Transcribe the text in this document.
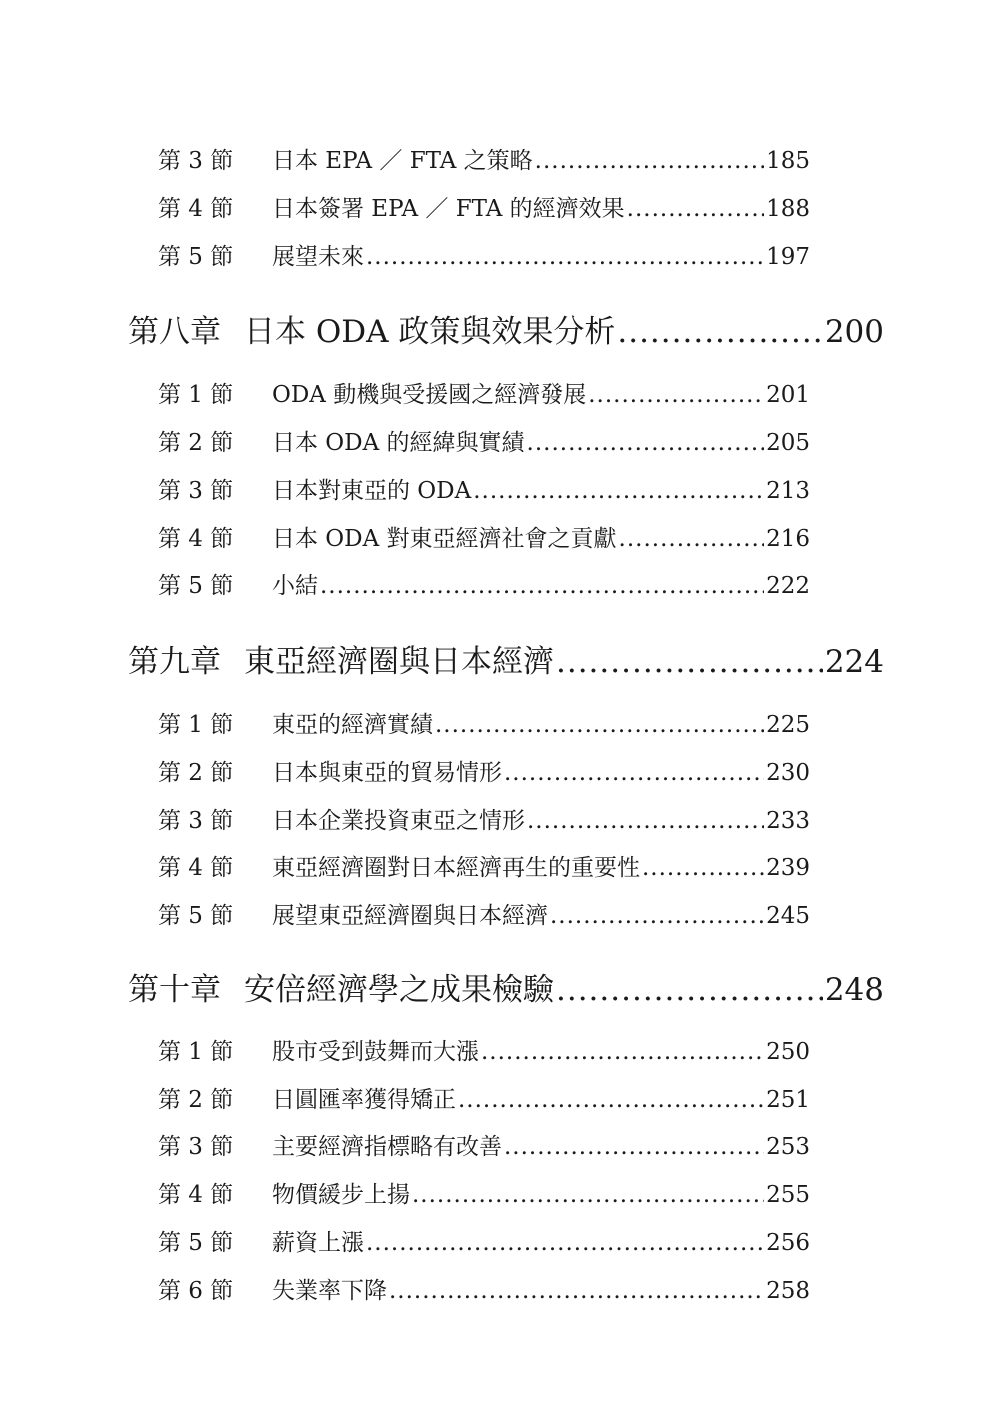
第 3 節	日本 EPA ／ FTA 之策略 .....	185
第 4 節	日本簽署 EPA ／ FTA 的經濟效果 .....	188
第 5 節	展望未來 .....	197
第八章 日本 ODA 政策與效果分析 .....	200
第 1 節	ODA 動機與受援國之經濟發展 .....	201
第 2 節	日本 ODA 的經緯與實績 .....	205
第 3 節	日本對東亞的 ODA .....	213
第 4 節	日本 ODA 對東亞經濟社會之貢獻 .....	216
第 5 節	小結 .....	222
第九章 東亞經濟圈與日本經濟 .....	224
第 1 節	東亞的經濟實績 .....	225
第 2 節	日本與東亞的貿易情形 .....	230
第 3 節	日本企業投資東亞之情形 .....	233
第 4 節	東亞經濟圈對日本經濟再生的重要性 .....	239
第 5 節	展望東亞經濟圈與日本經濟 .....	245
第十章 安倍經濟學之成果檢驗 .....	248
第 1 節	股市受到鼓舞而大漲 .....	250
第 2 節	日圓匯率獲得矯正 .....	251
第 3 節	主要經濟指標略有改善 .....	253
第 4 節	物價緩步上揚 .....	255
第 5 節	薪資上漲 .....	256
第 6 節	失業率下降 .....	258
